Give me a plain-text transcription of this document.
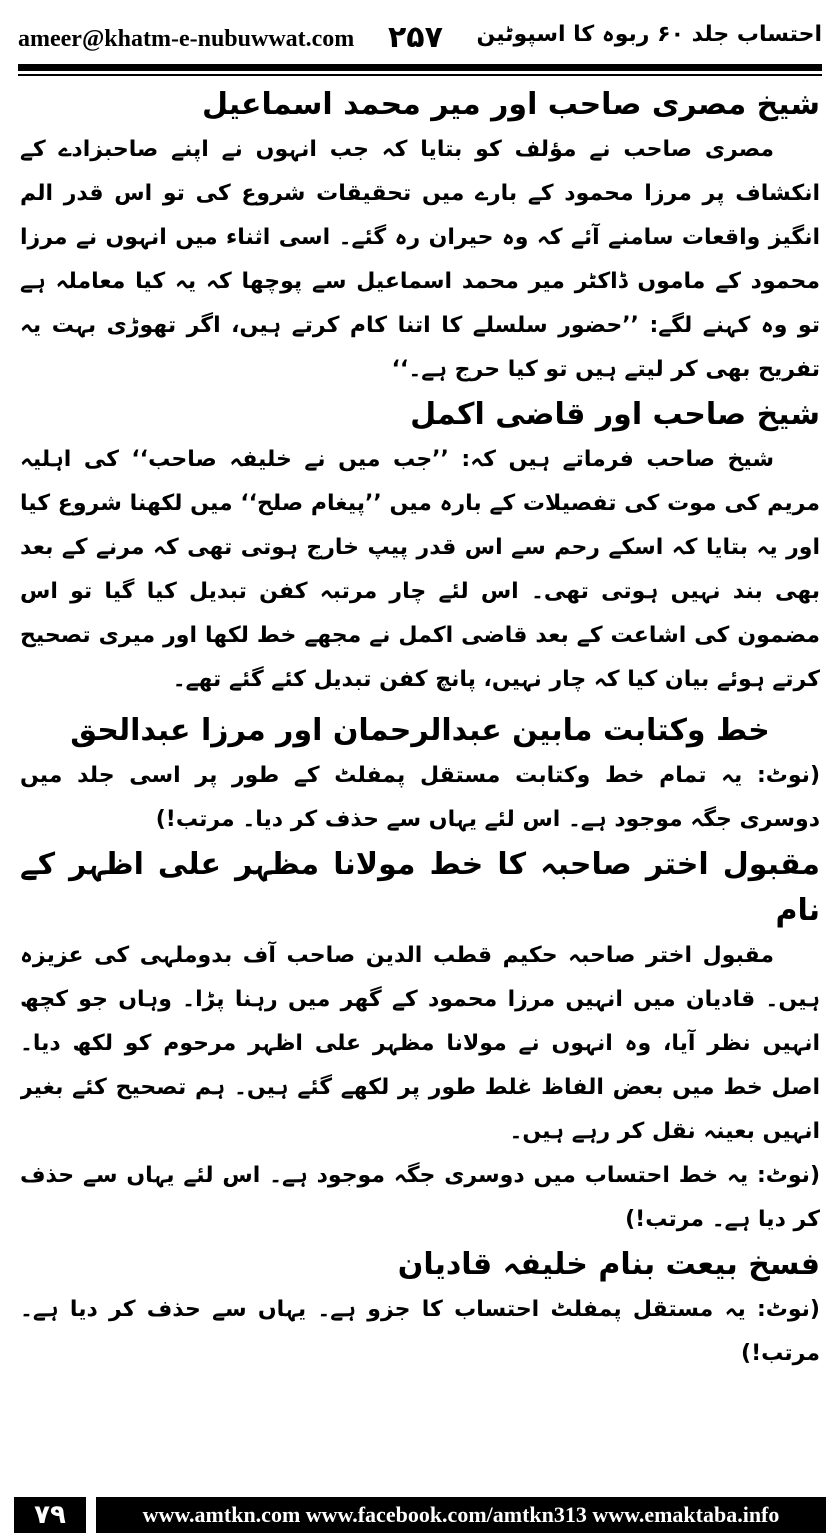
ameer@khatm-e-nubuwwat.com ۲۵۷ احتساب جلد ۶۰ ربوہ کا اسپوٹین
شیخ مصری صاحب اور میر محمد اسماعیل

مصری صاحب نے مؤلف کو بتایا کہ جب انہوں نے اپنے صاحبزادے کے انکشاف پر مرزا محمود کے بارے میں تحقیقات شروع کی تو اس قدر الم انگیز واقعات سامنے آئے کہ وہ حیران رہ گئے۔ اسی اثناء میں انہوں نے مرزا محمود کے ماموں ڈاکٹر میر محمد اسماعیل سے پوچھا کہ یہ کیا معاملہ ہے تو وہ کہنے لگے: ’’حضور سلسلے کا اتنا کام کرتے ہیں، اگر تھوڑی بہت یہ تفریح بھی کر لیتے ہیں تو کیا حرج ہے۔‘‘

شیخ صاحب اور قاضی اکمل

شیخ صاحب فرماتے ہیں کہ: ’’جب میں نے خلیفہ صاحب‘‘ کی اہلیہ مریم کی موت کی تفصیلات کے بارہ میں ’’پیغام صلح‘‘ میں لکھنا شروع کیا اور یہ بتایا کہ اسکے رحم سے اس قدر پیپ خارج ہوتی تھی کہ مرنے کے بعد بھی بند نہیں ہوتی تھی۔ اس لئے چار مرتبہ کفن تبدیل کیا گیا تو اس مضمون کی اشاعت کے بعد قاضی اکمل نے مجھے خط لکھا اور میری تصحیح کرتے ہوئے بیان کیا کہ چار نہیں، پانچ کفن تبدیل کئے گئے تھے۔

خط وکتابت مابین عبدالرحمان اور مرزا عبدالحق

(نوٹ: یہ تمام خط وکتابت مستقل پمفلٹ کے طور پر اسی جلد میں دوسری جگہ موجود ہے۔ اس لئے یہاں سے حذف کر دیا۔ مرتب!)

مقبول اختر صاحبہ کا خط مولانا مظہر علی اظہر کے نام

مقبول اختر صاحبہ حکیم قطب الدین صاحب آف بدوملہی کی عزیزہ ہیں۔ قادیان میں انہیں مرزا محمود کے گھر میں رہنا پڑا۔ وہاں جو کچھ انہیں نظر آیا، وہ انہوں نے مولانا مظہر علی اظہر مرحوم کو لکھ دیا۔ اصل خط میں بعض الفاظ غلط طور پر لکھے گئے ہیں۔ ہم تصحیح کئے بغیر انہیں بعینہ نقل کر رہے ہیں۔

(نوٹ: یہ خط احتساب میں دوسری جگہ موجود ہے۔ اس لئے یہاں سے حذف کر دیا ہے۔ مرتب!)

فسخ بیعت بنام خلیفہ قادیان

(نوٹ: یہ مستقل پمفلٹ احتساب کا جزو ہے۔ یہاں سے حذف کر دیا ہے۔ مرتب!)

۷۹	www.amtkn.com www.facebook.com/amtkn313 www.emaktaba.info
